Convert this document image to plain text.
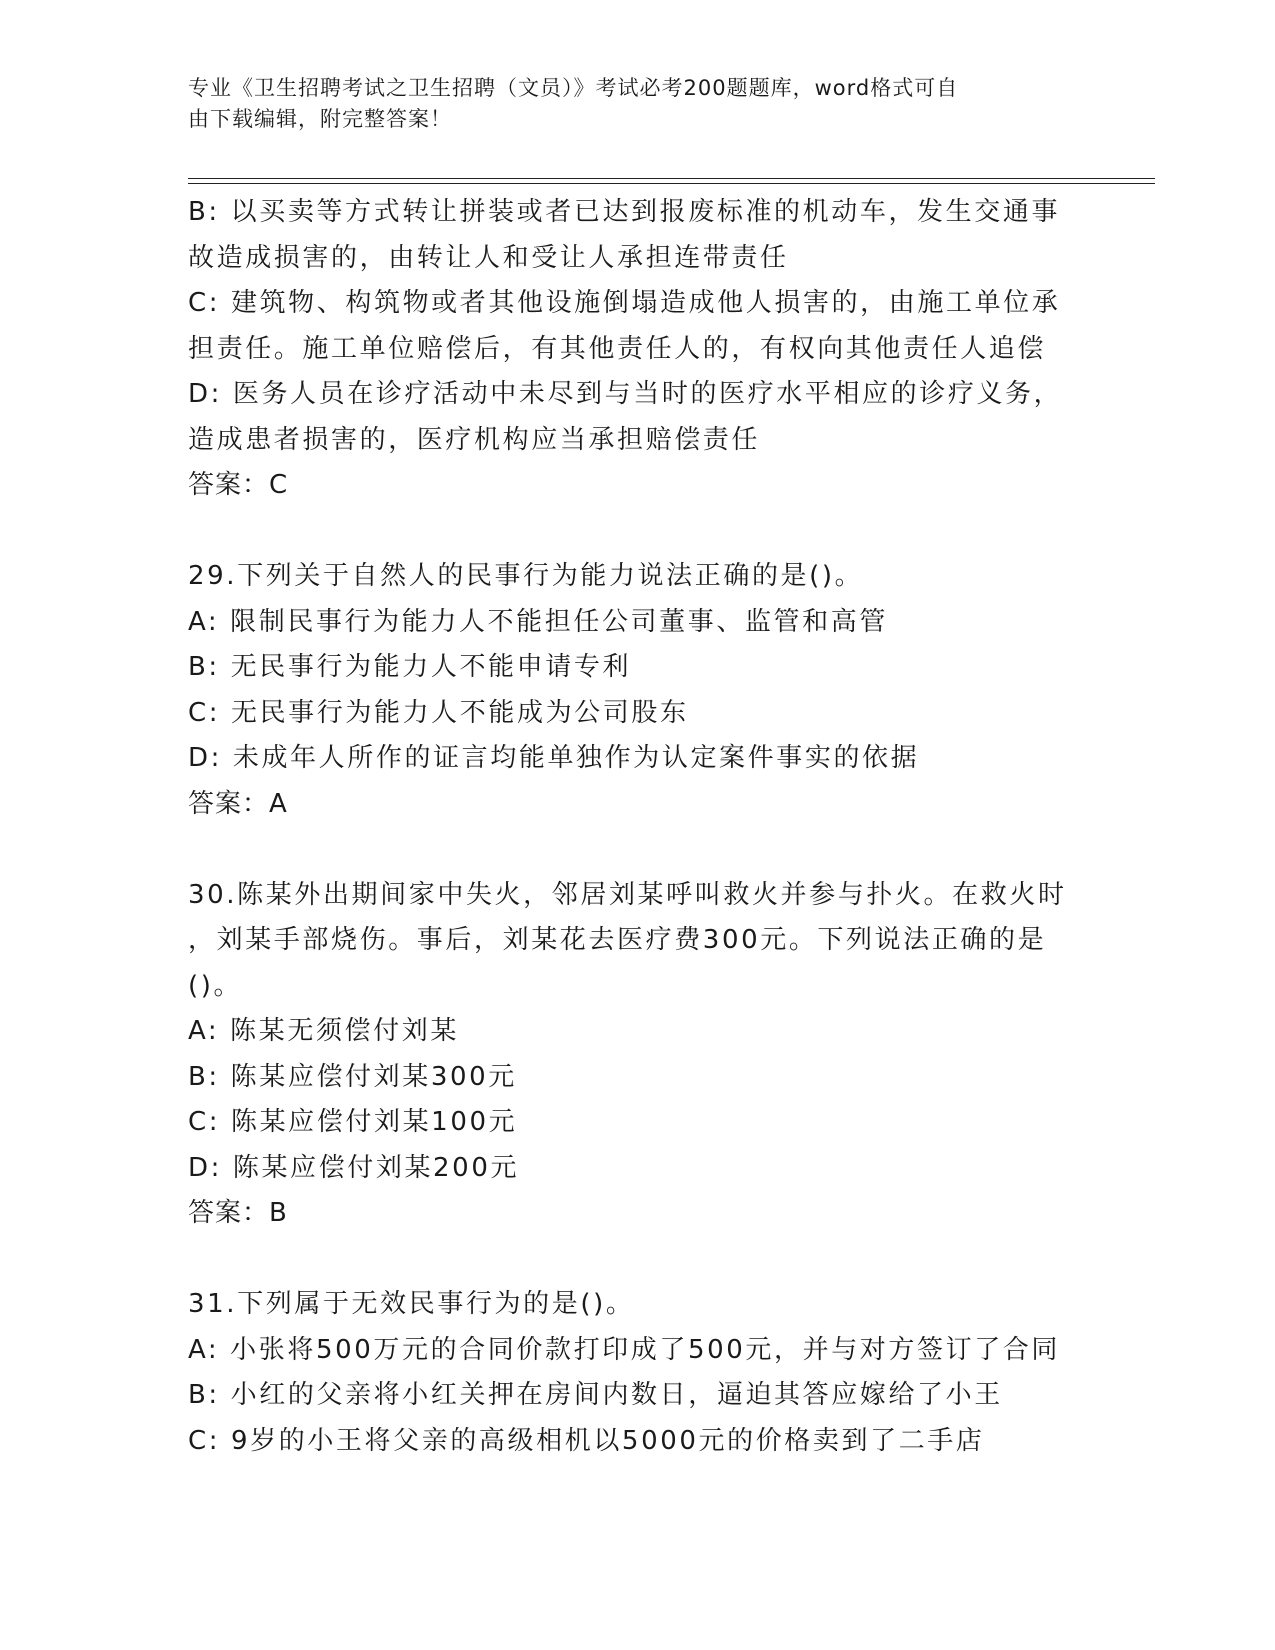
专业《卫生招聘考试之卫生招聘（文员）》考试必考200题题库，word格式可自
由下载编辑，附完整答案！
B: 以买卖等方式转让拼装或者已达到报废标准的机动车，发生交通事
故造成损害的，由转让人和受让人承担连带责任
C: 建筑物、构筑物或者其他设施倒塌造成他人损害的，由施工单位承
担责任。施工单位赔偿后，有其他责任人的，有权向其他责任人追偿
D: 医务人员在诊疗活动中未尽到与当时的医疗水平相应的诊疗义务，
造成患者损害的，医疗机构应当承担赔偿责任
答案：C
29.下列关于自然人的民事行为能力说法正确的是()。
A: 限制民事行为能力人不能担任公司董事、监管和高管
B: 无民事行为能力人不能申请专利
C: 无民事行为能力人不能成为公司股东
D: 未成年人所作的证言均能单独作为认定案件事实的依据
答案：A
30.陈某外出期间家中失火，邻居刘某呼叫救火并参与扑火。在救火时
，刘某手部烧伤。事后，刘某花去医疗费300元。下列说法正确的是
()。
A: 陈某无须偿付刘某
B: 陈某应偿付刘某300元
C: 陈某应偿付刘某100元
D: 陈某应偿付刘某200元
答案：B
31.下列属于无效民事行为的是()。
A: 小张将500万元的合同价款打印成了500元，并与对方签订了合同
B: 小红的父亲将小红关押在房间内数日，逼迫其答应嫁给了小王
C: 9岁的小王将父亲的高级相机以5000元的价格卖到了二手店
